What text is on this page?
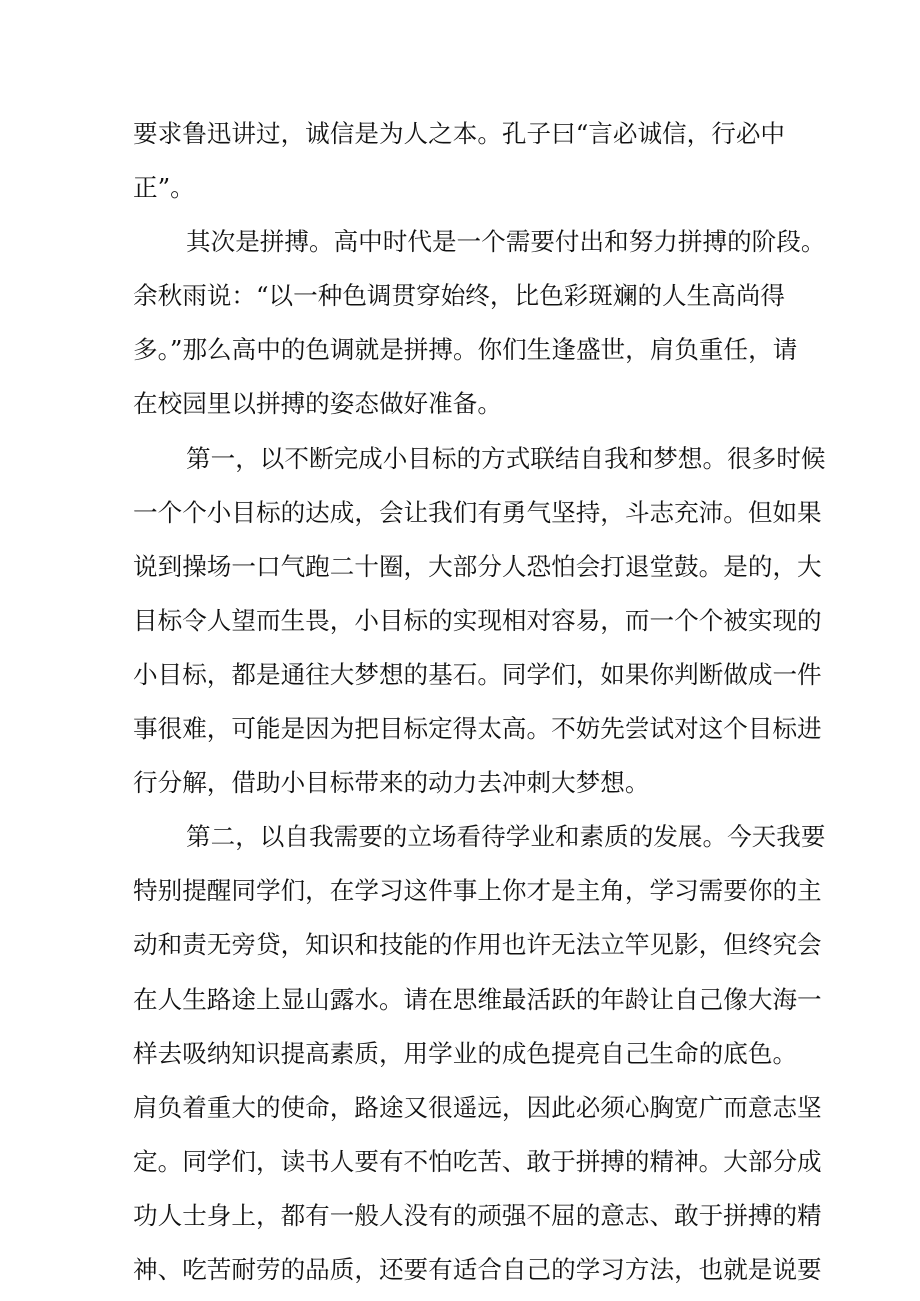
要求鲁迅讲过，诚信是为人之本。孔子曰“言必诚信，行必中
正”。
其次是拼搏。高中时代是一个需要付出和努力拼搏的阶段。
余秋雨说：“以一种色调贯穿始终，比色彩斑斓的人生高尚得
多。”那么高中的色调就是拼搏。你们生逢盛世，肩负重任，请
在校园里以拼搏的姿态做好准备。
第一，以不断完成小目标的方式联结自我和梦想。很多时候
一个个小目标的达成，会让我们有勇气坚持，斗志充沛。但如果
说到操场一口气跑二十圈，大部分人恐怕会打退堂鼓。是的，大
目标令人望而生畏，小目标的实现相对容易，而一个个被实现的
小目标，都是通往大梦想的基石。同学们，如果你判断做成一件
事很难，可能是因为把目标定得太高。不妨先尝试对这个目标进
行分解，借助小目标带来的动力去冲刺大梦想。
第二，以自我需要的立场看待学业和素质的发展。今天我要
特别提醒同学们，在学习这件事上你才是主角，学习需要你的主
动和责无旁贷，知识和技能的作用也许无法立竿见影，但终究会
在人生路途上显山露水。请在思维最活跃的年龄让自己像大海一
样去吸纳知识提高素质，用学业的成色提亮自己生命的底色。
肩负着重大的使命，路途又很遥远，因此必须心胸宽广而意志坚
定。同学们，读书人要有不怕吃苦、敢于拼搏的精神。大部分成
功人士身上，都有一般人没有的顽强不屈的意志、敢于拼搏的精
神、吃苦耐劳的品质，还要有适合自己的学习方法，也就是说要
